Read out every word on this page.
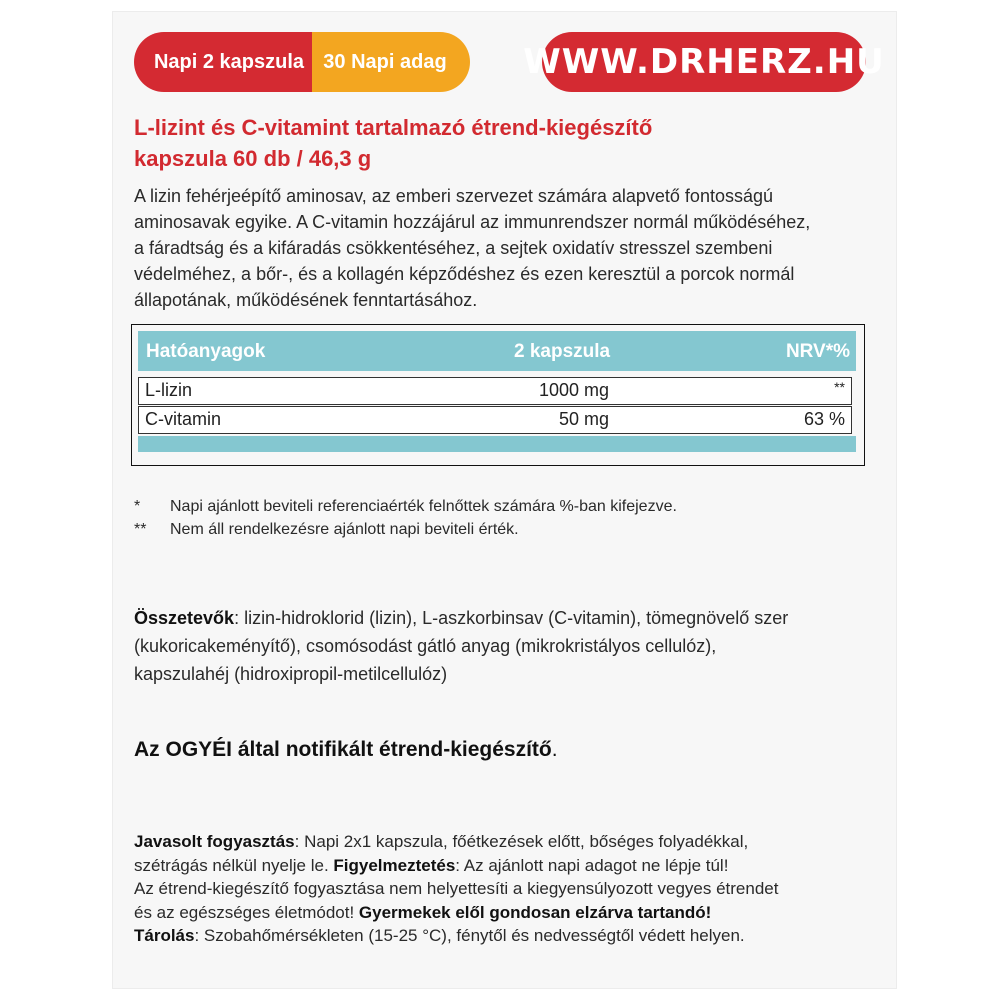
Napi 2 kapszula 30 Napi adag	WWW.DRHERZ.HU
L-lizint és C-vitamint tartalmazó étrend-kiegészítő
kapszula 60 db / 46,3 g
A lizin fehérjeépítő aminosav, az emberi szervezet számára alapvető fontosságú
aminosavak egyike. A C-vitamin hozzájárul az immunrendszer normál működéséhez,
a fáradtság és a kifáradás csökkentéséhez, a sejtek oxidatív stresszel szembeni
védelméhez, a bőr-, és a kollagén képződéshez és ezen keresztül a porcok normál
állapotának, működésének fenntartásához.
Hatóanyagok	2 kapszula	NRV*%
L-lizin	1000 mg	**
C-vitamin	50 mg	63 %
* Napi ajánlott beviteli referenciaérték felnőttek számára %-ban kifejezve.
** Nem áll rendelkezésre ajánlott napi beviteli érték.
Összetevők: lizin-hidroklorid (lizin), L-aszkorbinsav (C-vitamin), tömegnövelő szer
(kukoricakeményítő), csomósodást gátló anyag (mikrokristályos cellulóz),
kapszulahéj (hidroxipropil-metilcellulóz)
Az OGYÉI által notifikált étrend-kiegészítő.
Javasolt fogyasztás: Napi 2x1 kapszula, főétkezések előtt, bőséges folyadékkal,
szétrágás nélkül nyelje le. Figyelmeztetés: Az ajánlott napi adagot ne lépje túl!
Az étrend-kiegészítő fogyasztása nem helyettesíti a kiegyensúlyozott vegyes étrendet
és az egészséges életmódot! Gyermekek elől gondosan elzárva tartandó!
Tárolás: Szobahőmérsékleten (15-25 °C), fénytől és nedvességtől védett helyen.
